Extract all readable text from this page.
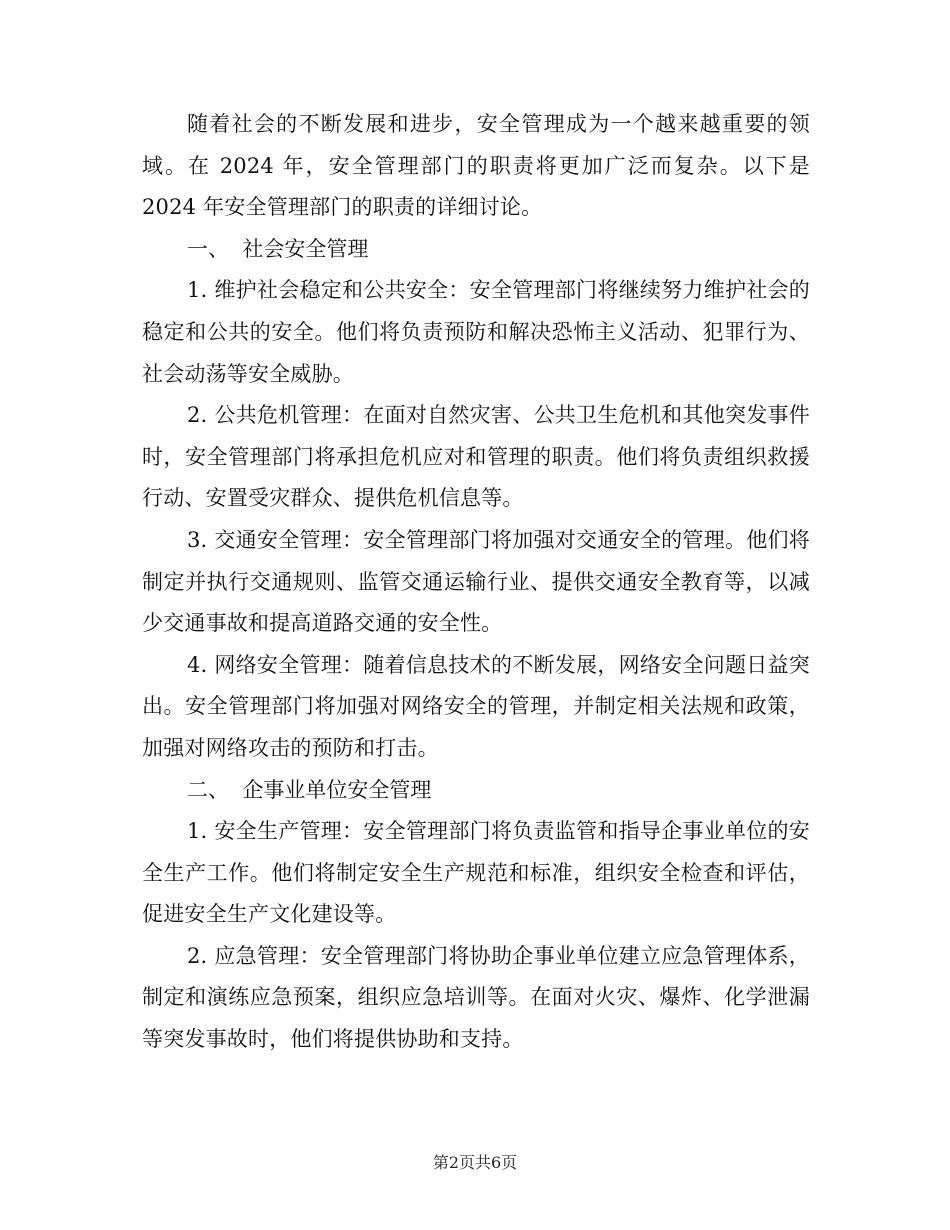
随着社会的不断发展和进步，安全管理成为一个越来越重要的领域。在 2024 年，安全管理部门的职责将更加广泛而复杂。以下是 2024 年安全管理部门的职责的详细讨论。

一、  社会安全管理

1. 维护社会稳定和公共安全：安全管理部门将继续努力维护社会的稳定和公共的安全。他们将负责预防和解决恐怖主义活动、犯罪行为、社会动荡等安全威胁。

2. 公共危机管理：在面对自然灾害、公共卫生危机和其他突发事件时，安全管理部门将承担危机应对和管理的职责。他们将负责组织救援行动、安置受灾群众、提供危机信息等。

3. 交通安全管理：安全管理部门将加强对交通安全的管理。他们将制定并执行交通规则、监管交通运输行业、提供交通安全教育等，以减少交通事故和提高道路交通的安全性。

4. 网络安全管理：随着信息技术的不断发展，网络安全问题日益突出。安全管理部门将加强对网络安全的管理，并制定相关法规和政策，加强对网络攻击的预防和打击。

二、  企事业单位安全管理

1. 安全生产管理：安全管理部门将负责监管和指导企事业单位的安全生产工作。他们将制定安全生产规范和标准，组织安全检查和评估，促进安全生产文化建设等。

2. 应急管理：安全管理部门将协助企事业单位建立应急管理体系，制定和演练应急预案，组织应急培训等。在面对火灾、爆炸、化学泄漏等突发事故时，他们将提供协助和支持。

第2页共6页
